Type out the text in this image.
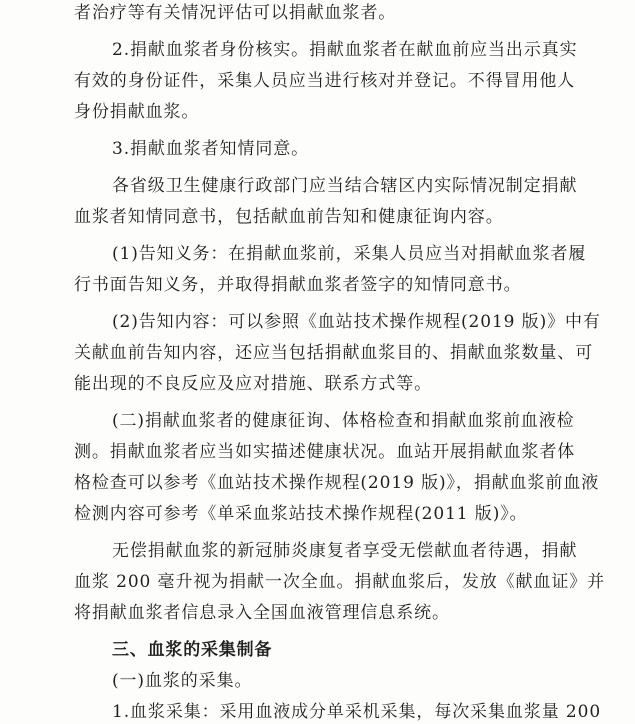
者治疗等有关情况评估可以捐献血浆者。
2.捐献血浆者身份核实。捐献血浆者在献血前应当出示真实
有效的身份证件，采集人员应当进行核对并登记。不得冒用他人
身份捐献血浆。
3.捐献血浆者知情同意。
各省级卫生健康行政部门应当结合辖区内实际情况制定捐献
血浆者知情同意书，包括献血前告知和健康征询内容。
(1)告知义务：在捐献血浆前，采集人员应当对捐献血浆者履
行书面告知义务，并取得捐献血浆者签字的知情同意书。
(2)告知内容：可以参照《血站技术操作规程(2019 版)》中有
关献血前告知内容，还应当包括捐献血浆目的、捐献血浆数量、可
能出现的不良反应及应对措施、联系方式等。
(二)捐献血浆者的健康征询、体格检查和捐献血浆前血液检
测。捐献血浆者应当如实描述健康状况。血站开展捐献血浆者体
格检查可以参考《血站技术操作规程(2019 版)》，捐献血浆前血液
检测内容可参考《单采血浆站技术操作规程(2011 版)》。
无偿捐献血浆的新冠肺炎康复者享受无偿献血者待遇，捐献
血浆 200 毫升视为捐献一次全血。捐献血浆后，发放《献血证》并
将捐献血浆者信息录入全国血液管理信息系统。
三、血浆的采集制备
(一)血浆的采集。
1.血浆采集：采用血液成分单采机采集，每次采集血浆量 200
